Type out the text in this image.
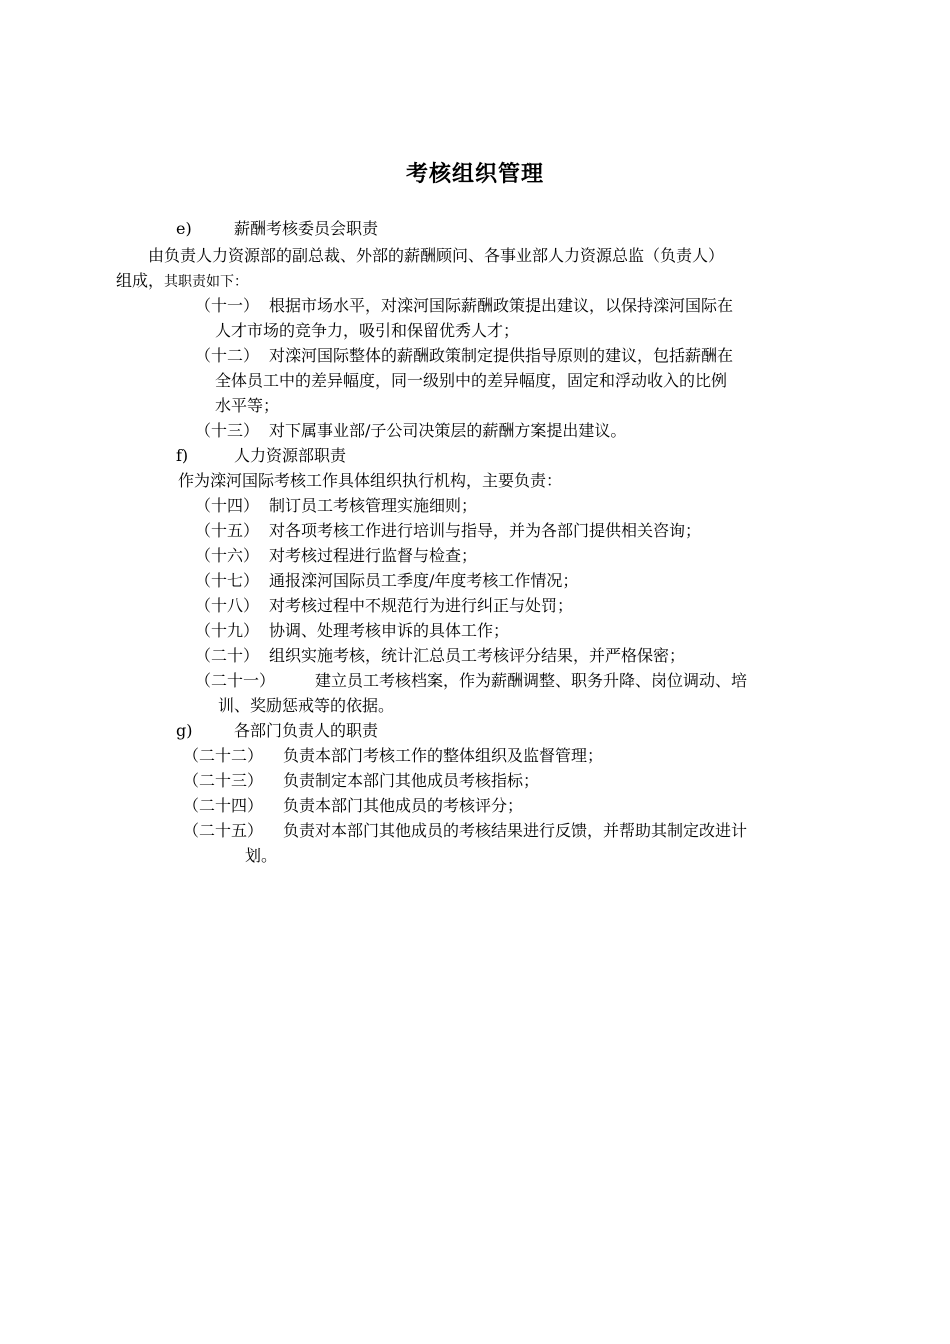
考核组织管理
e)	薪酬考核委员会职责
由负责人力资源部的副总裁、外部的薪酬顾问、各事业部人力资源总监（负责人）
组成，其职责如下：
（十一） 根据市场水平，对滦河国际薪酬政策提出建议，以保持滦河国际在
人才市场的竞争力，吸引和保留优秀人才；
（十二） 对滦河国际整体的薪酬政策制定提供指导原则的建议，包括薪酬在
全体员工中的差异幅度，同一级别中的差异幅度，固定和浮动收入的比例
水平等；
（十三） 对下属事业部/子公司决策层的薪酬方案提出建议。
f)	人力资源部职责
作为滦河国际考核工作具体组织执行机构，主要负责：
（十四） 制订员工考核管理实施细则；
（十五） 对各项考核工作进行培训与指导，并为各部门提供相关咨询；
（十六） 对考核过程进行监督与检查；
（十七） 通报滦河国际员工季度/年度考核工作情况；
（十八） 对考核过程中不规范行为进行纠正与处罚；
（十九） 协调、处理考核申诉的具体工作；
（二十） 组织实施考核，统计汇总员工考核评分结果，并严格保密；
（二十一） 建立员工考核档案，作为薪酬调整、职务升降、岗位调动、培
训、奖励惩戒等的依据。
g)	各部门负责人的职责
（二十二） 负责本部门考核工作的整体组织及监督管理；
（二十三） 负责制定本部门其他成员考核指标；
（二十四） 负责本部门其他成员的考核评分；
（二十五） 负责对本部门其他成员的考核结果进行反馈，并帮助其制定改进计
划。
